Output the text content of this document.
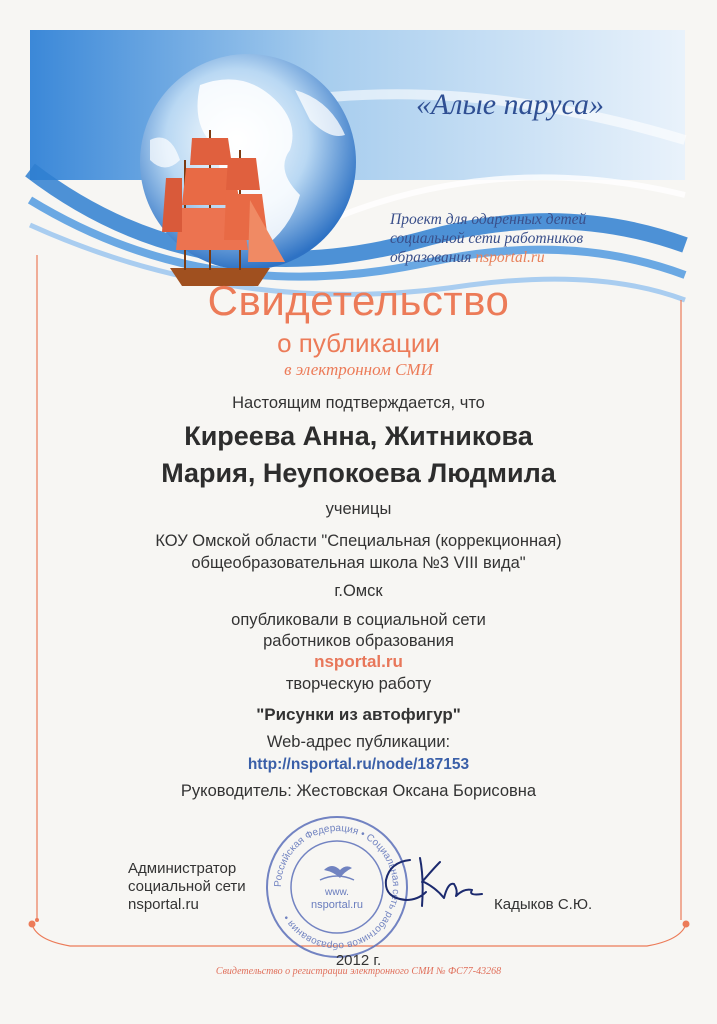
«Алые паруса»
Проект для одаренных детей
социальной сети работников
образования nsportal.ru
Свидетельство
о публикации
в электронном СМИ
Настоящим подтверждается, что
Киреева Анна, Житникова
Мария, Неупокоева Людмила
ученицы
КОУ Омской области "Специальная (коррекционная)
общеобразовательная школа №3 VIII вида"
г.Омск
опубликовали в социальной сети
работников образования
nsportal.ru
творческую работу
"Рисунки из автофигур"
Web-адрес публикации:
http://nsportal.ru/node/187153
Руководитель: Жестовская Оксана Борисовна
Администратор
социальной сети
nsportal.ru
Российская Федерация • Социальная сеть работников образования •
www.
nsportal.ru	Кадыков С.Ю.
2012 г.
Свидетельство о регистрации электронного СМИ № ФС77-43268
